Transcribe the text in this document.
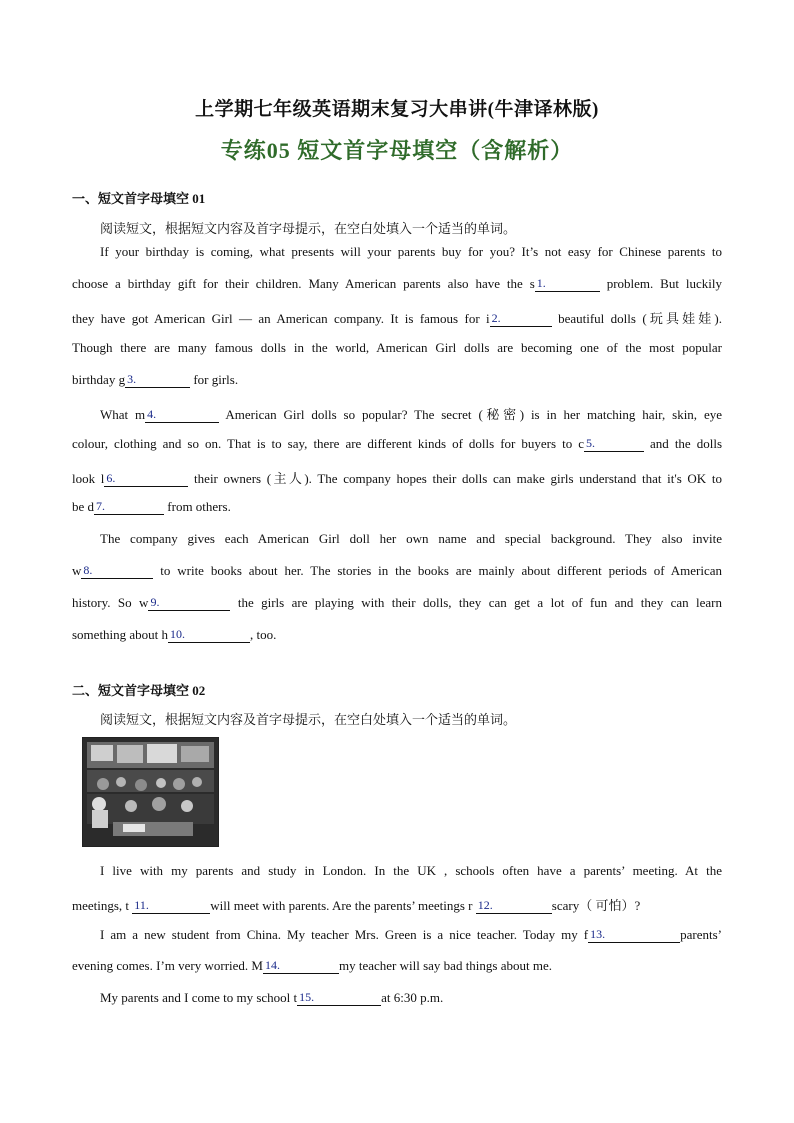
上学期七年级英语期末复习大串讲(牛津译林版)
专练05 短文首字母填空（含解析）
一、短文首字母填空 01
阅读短文，根据短文内容及首字母提示，在空白处填入一个适当的单词。
If your birthday is coming, what presents will your parents buy for you? It’s not easy for Chinese parents to
choose a birthday gift for their children. Many American parents also have the s 1.	problem. But luckily
they have got American Girl — an American company. It is famous for i 2.	beautiful dolls (玩具娃娃).
Though there are many famous dolls in the world, American Girl dolls are becoming one of the most popular
birthday g 3.	for girls.
What m 4.	American Girl dolls so popular? The secret (秘密) is in her matching hair, skin, eye
colour, clothing and so on. That is to say, there are different kinds of dolls for buyers to c 5.	and the dolls
look l 6.	their owners (主人). The company hopes their dolls can make girls understand that it's OK to
be d 7.	from others.
The company gives each American Girl doll her own name and special background. They also invite
w 8.	to write books about her. The stories in the books are mainly about different periods of American
history. So w 9.	the girls are playing with their dolls, they can get a lot of fun and they can learn
something about h 10.	, too.
二、短文首字母填空 02
阅读短文，根据短文内容及首字母提示，在空白处填入一个适当的单词。
I live with my parents and study in London. In the UK , schools often have a parents’ meeting. At the
meetings, t 11.	will meet with parents. Are the parents’ meetings r 12.	scary（ 可怕）?
I am a new student from China. My teacher Mrs. Green is a nice teacher. Today my f 13.	parents’
evening comes. I’m very worried. M 14.	my teacher will say bad things about me.
My parents and I come to my school t 15.	at 6:30 p.m.
